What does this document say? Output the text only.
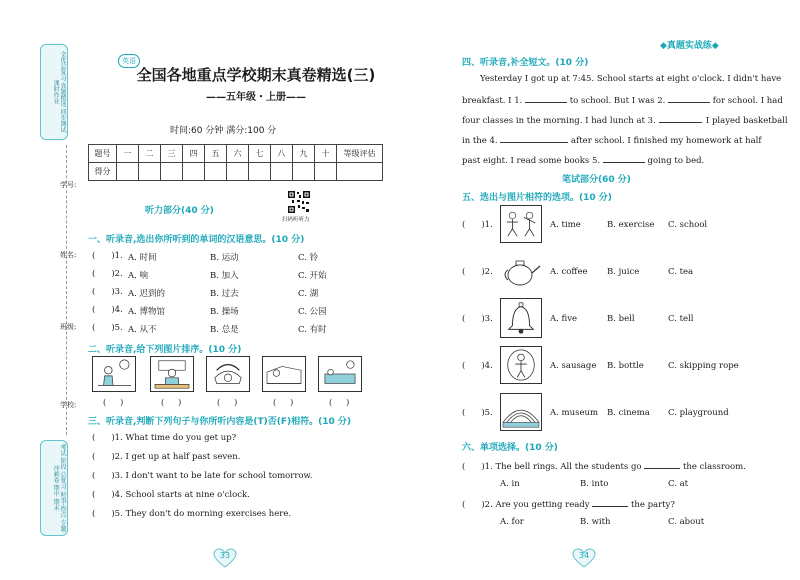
全优总复习 真题精选 同步测试 课时作业
考试 阶段 总复习 时事·热点 专题 冲刺卷 期中 期末
学号:
姓名:
班级:
学校:
英语
全国各地重点学校期末真卷精选(三)
——五年级・上册——
时间:60 分钟 满分:100 分
◆真题实战练◆
题号	一	二	三	四	五	六	七	八	九	十	等级评估
得分											
扫码听听力
听力部分(40 分)
一、听录音,选出你所听到的单词的汉语意思。(10 分)
( )1. A. 时间	B. 运动	C. 铃
( )2. A. 响	B. 加入	C. 开始
( )3. A. 迟到的	B. 过去	C. 湖
( )4. A. 博物馆	B. 操场	C. 公园
( )5. A. 从不	B. 总是	C. 有时
二、听录音,给下列图片排序。(10 分)
( )	( )	( )	( )	( )
三、听录音,判断下列句子与你所听内容是(T)否(F)相符。(10 分)
( )1. What time do you get up?
( )2. I get up at half past seven.
( )3. I don't want to be late for school tomorrow.
( )4. School starts at nine o'clock.
( )5. They don't do morning exercises here.
33	34
四、听录音,补全短文。(10 分)
Yesterday I got up at 7:45. School starts at eight o'clock. I didn't have
breakfast. I 1.	to school. But I was 2.	for school. I had
four classes in the morning. I had lunch at 3.	. I played basketball
in the 4.	after school. I finished my homework at half
past eight. I read some books 5.	going to bed.
笔试部分(60 分)
五、选出与图片相符的选项。(10 分)
( )1.	A. time	B. exercise C. school
( )2.	A. coffee B. juice	C. tea
( )3.	A. five	B. bell	C. tell
( )4.	A. sausage B. bottle	C. skipping rope
( )5.	A. museum B. cinema C. playground
六、单项选择。(10 分)
( )1. The bell rings. All the students go	the classroom.
A. in	B. into	C. at
( )2. Are you getting ready	the party?
A. for	B. with	C. about
